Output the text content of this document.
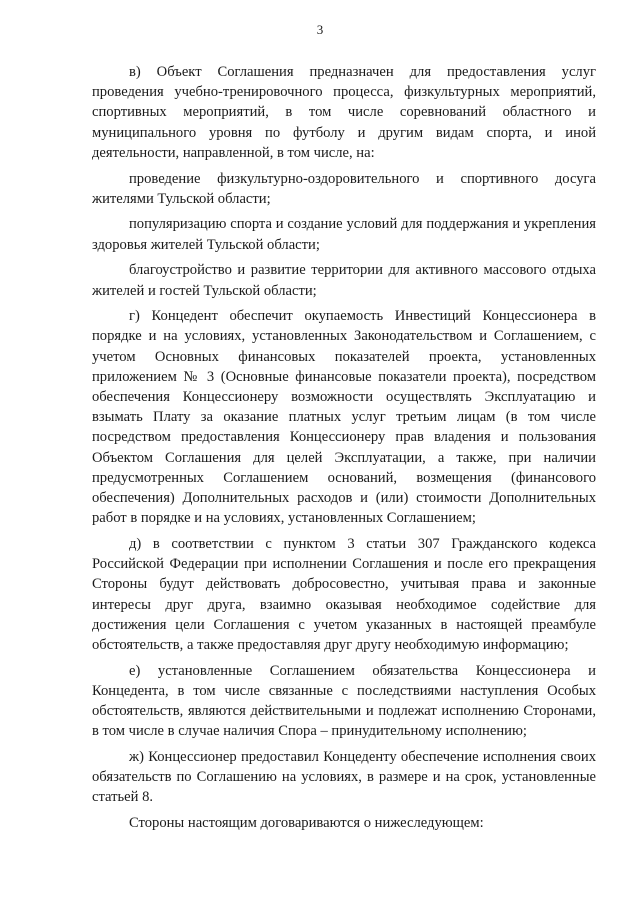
3

в) Объект Соглашения предназначен для предоставления услуг проведения учебно-тренировочного процесса, физкультурных мероприятий, спортивных мероприятий, в том числе соревнований областного и муниципального уровня по футболу и другим видам спорта, и иной деятельности, направленной, в том числе, на:

проведение физкультурно-оздоровительного и спортивного досуга жителями Тульской области;

популяризацию спорта и создание условий для поддержания и укрепления здоровья жителей Тульской области;

благоустройство и развитие территории для активного массового отдыха жителей и гостей Тульской области;

г) Концедент обеспечит окупаемость Инвестиций Концессионера в порядке и на условиях, установленных Законодательством и Соглашением, с учетом Основных финансовых показателей проекта, установленных приложением № 3 (Основные финансовые показатели проекта), посредством обеспечения Концессионеру возможности осуществлять Эксплуатацию и взымать Плату за оказание платных услуг третьим лицам (в том числе посредством предоставления Концессионеру прав владения и пользования Объектом Соглашения для целей Эксплуатации, а также, при наличии предусмотренных Соглашением оснований, возмещения (финансового обеспечения) Дополнительных расходов и (или) стоимости Дополнительных работ в порядке и на условиях, установленных Соглашением;

д) в соответствии с пунктом 3 статьи 307 Гражданского кодекса Российской Федерации при исполнении Соглашения и после его прекращения Стороны будут действовать добросовестно, учитывая права и законные интересы друг друга, взаимно оказывая необходимое содействие для достижения цели Соглашения с учетом указанных в настоящей преамбуле обстоятельств, а также предоставляя друг другу необходимую информацию;

е) установленные Соглашением обязательства Концессионера и Концедента, в том числе связанные с последствиями наступления Особых обстоятельств, являются действительными и подлежат исполнению Сторонами, в том числе в случае наличия Спора – принудительному исполнению;

ж) Концессионер предоставил Концеденту обеспечение исполнения своих обязательств по Соглашению на условиях, в размере и на срок, установленные статьей 8.

Стороны настоящим договариваются о нижеследующем:
